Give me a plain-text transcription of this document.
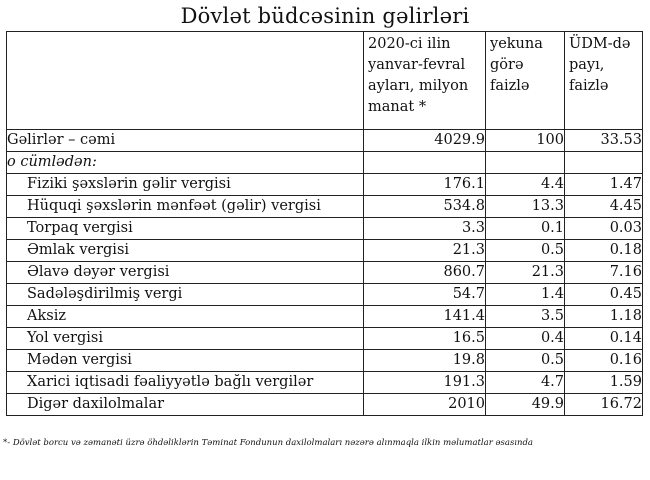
Dövlət büdcəsinin gəlirləri
	2020-ci ilin yanvar-fevral ayları, milyon manat *	yekuna görə faizlə	ÜDM-də payı, faizlə
Gəlirlər – cəmi	4029.9	100	33.53
o cümlədən:			
Fiziki şəxslərin gəlir vergisi	176.1	4.4	1.47
Hüquqi şəxslərin mənfəət (gəlir) vergisi	534.8	13.3	4.45
Torpaq vergisi	3.3	0.1	0.03
Əmlak vergisi	21.3	0.5	0.18
Əlavə dəyər vergisi	860.7	21.3	7.16
Sadələşdirilmiş vergi	54.7	1.4	0.45
Aksiz	141.4	3.5	1.18
Yol vergisi	16.5	0.4	0.14
Mədən vergisi	19.8	0.5	0.16
Xarici iqtisadi fəaliyyətlə bağlı vergilər	191.3	4.7	1.59
Digər daxilolmalar	2010	49.9	16.72
*- Dövlət borcu və zəmanəti üzrə öhdəliklərin Təminat Fondunun daxilolmaları nəzərə alınmaqla ilkin məlumatlar əsasında
